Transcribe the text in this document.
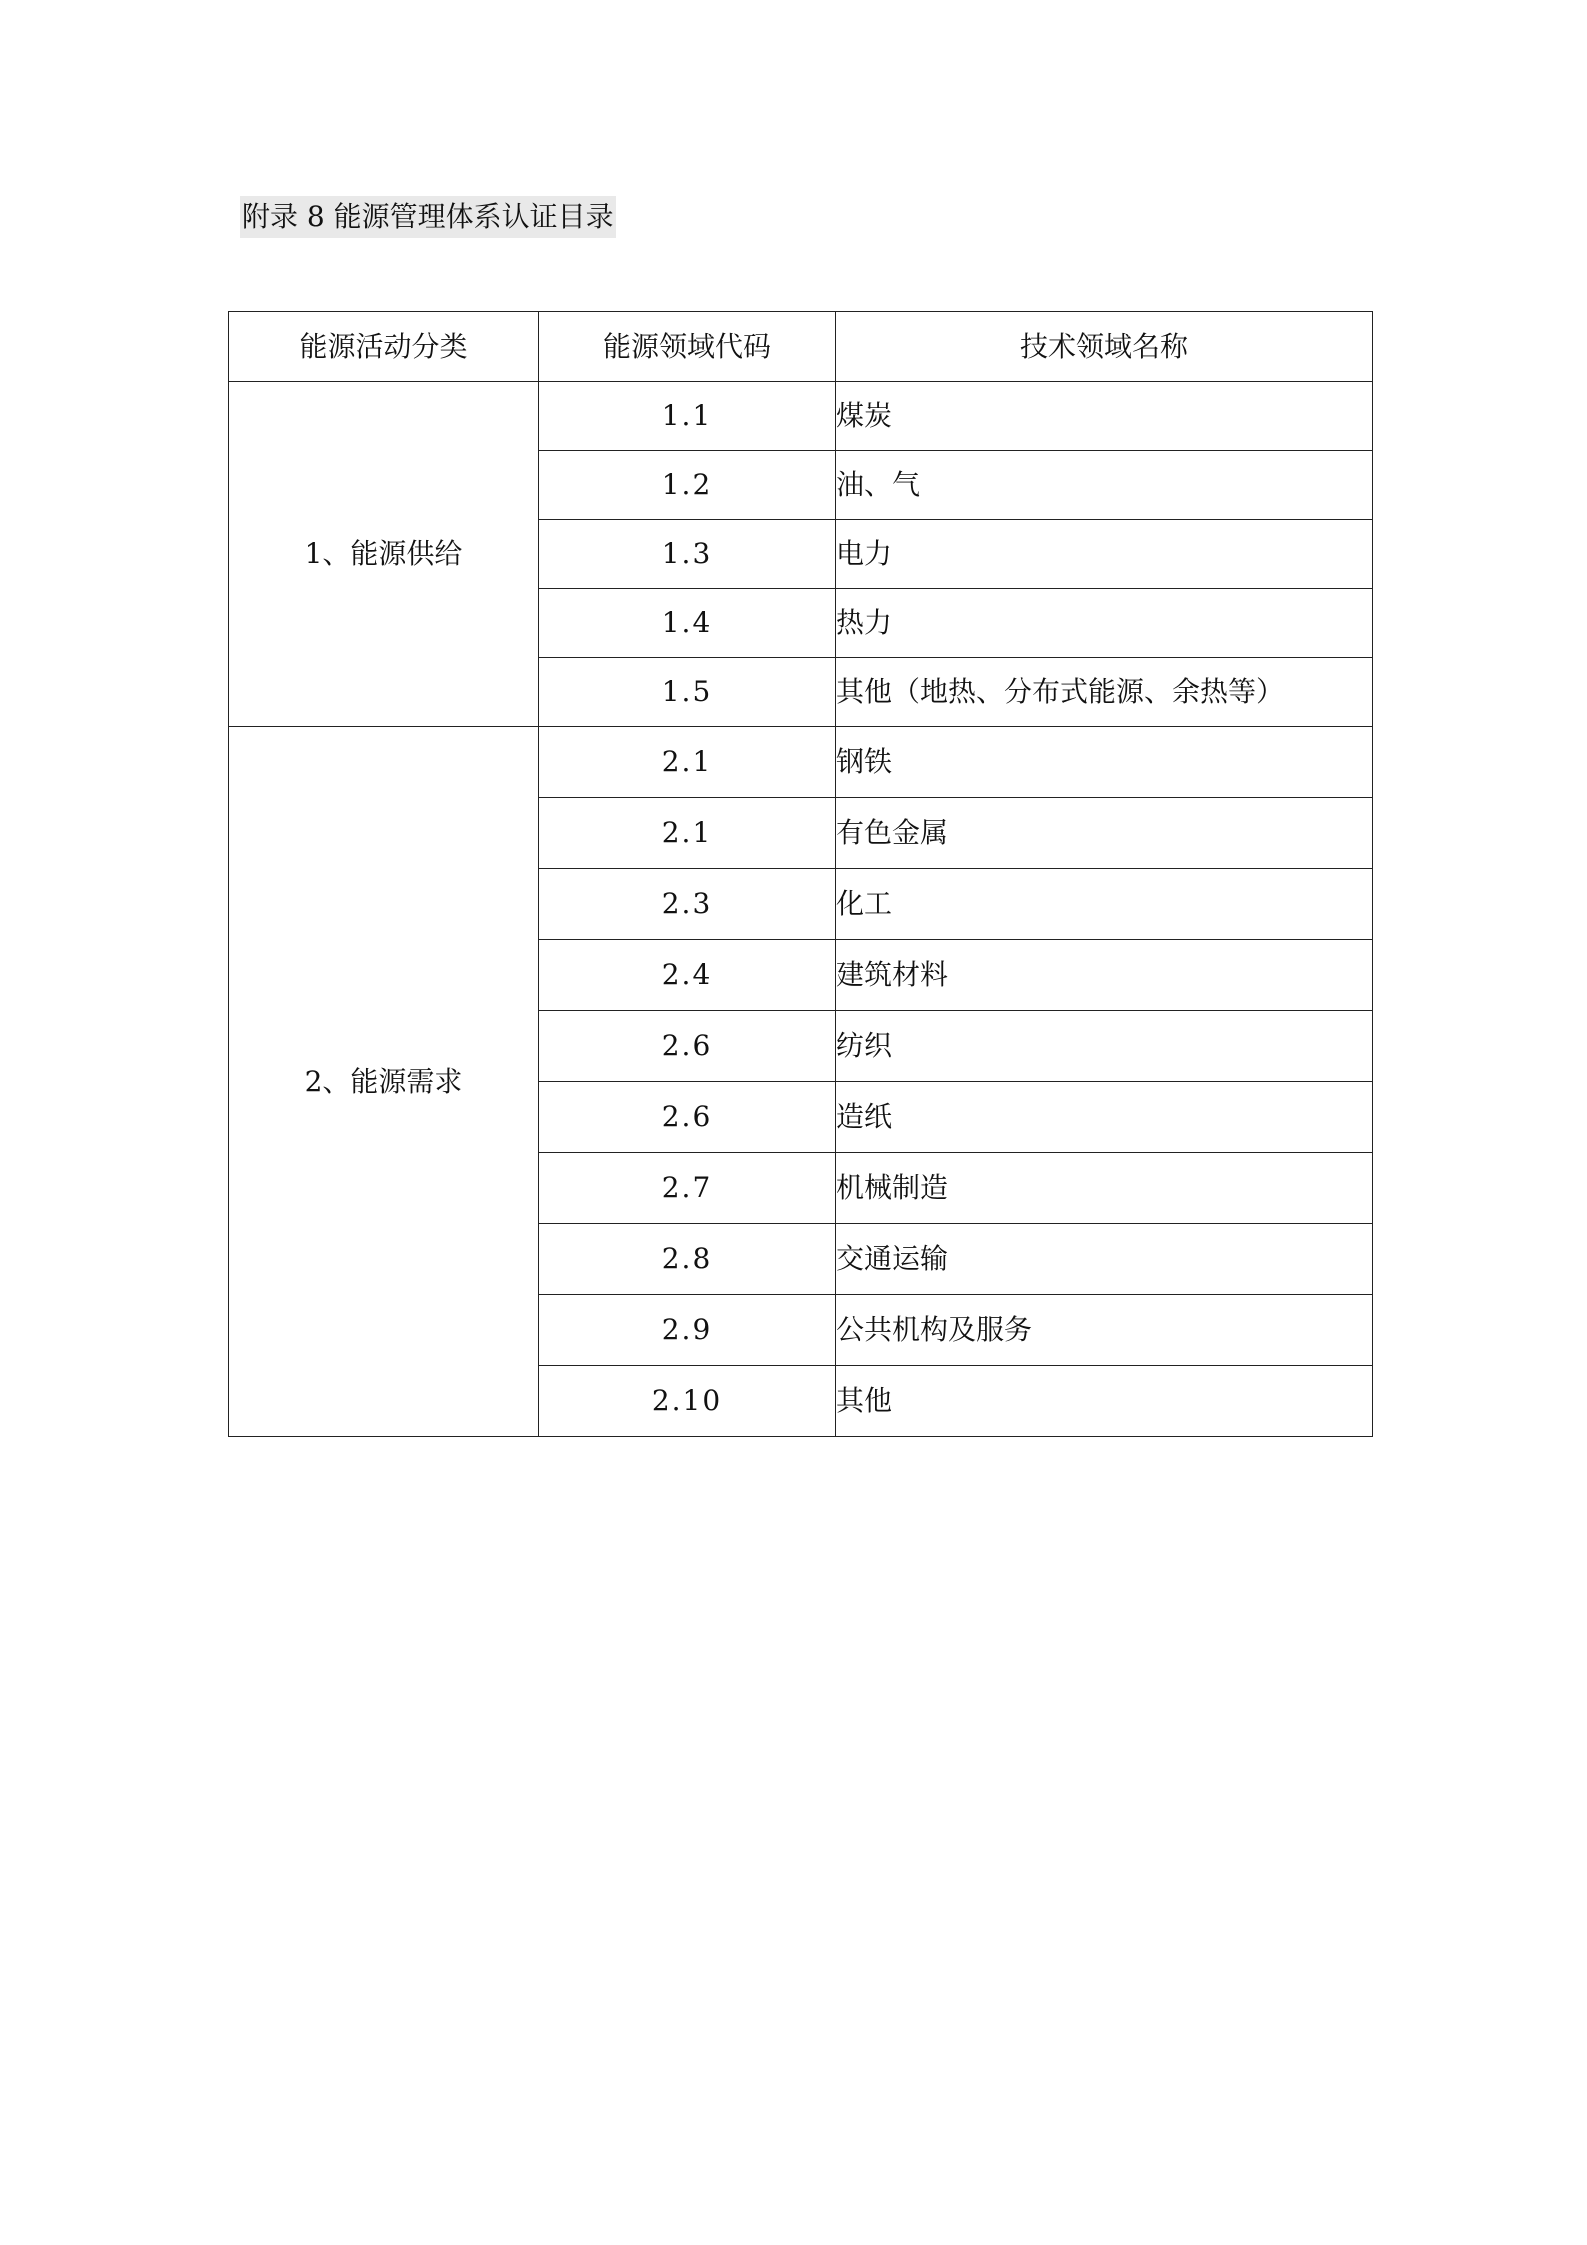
附录 8 能源管理体系认证目录
能源活动分类	能源领域代码	技术领域名称
1、能源供给	1.1	煤炭
	1.2	油、气
	1.3	电力
	1.4	热力
	1.5	其他（地热、分布式能源、余热等）
2、能源需求	2.1	钢铁
	2.1	有色金属
	2.3	化工
	2.4	建筑材料
	2.6	纺织
	2.6	造纸
	2.7	机械制造
	2.8	交通运输
	2.9	公共机构及服务
	2.10	其他
